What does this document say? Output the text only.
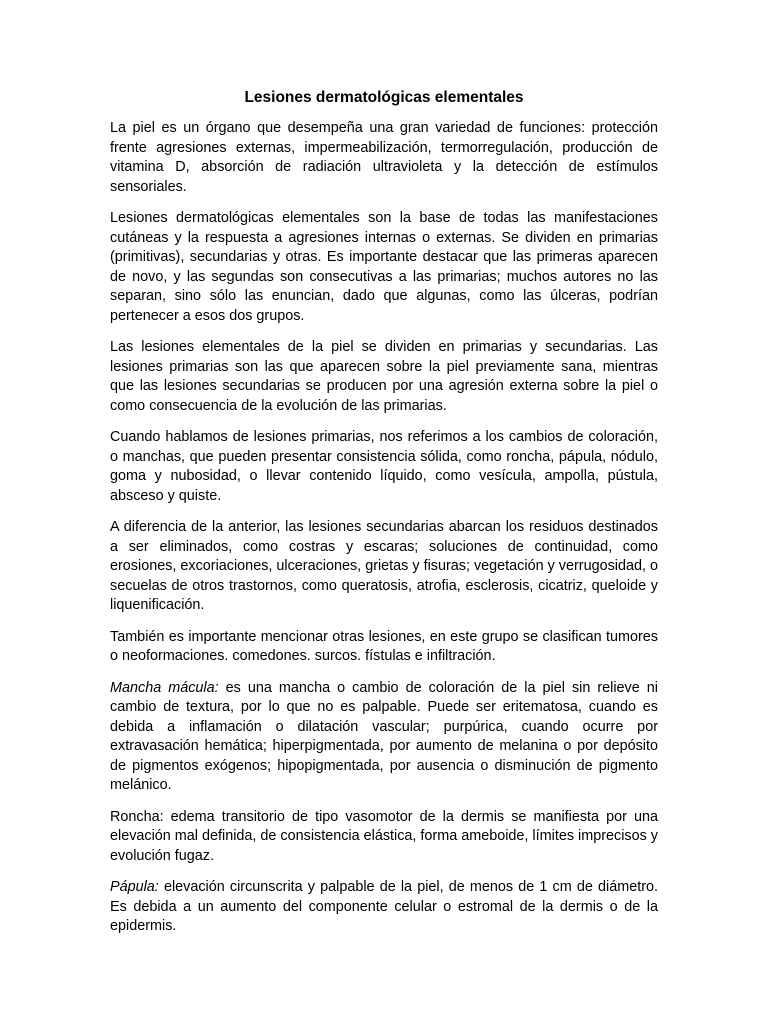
Lesiones dermatológicas elementales

La piel es un órgano que desempeña una gran variedad de funciones: protección frente agresiones externas, impermeabilización, termorregulación, producción de vitamina D, absorción de radiación ultravioleta y la detección de estímulos sensoriales.

Lesiones dermatológicas elementales son la base de todas las manifestaciones cutáneas y la respuesta a agresiones internas o externas. Se dividen en primarias (primitivas), secundarias y otras. Es importante destacar que las primeras aparecen de novo, y las segundas son consecutivas a las primarias; muchos autores no las separan, sino sólo las enuncian, dado que algunas, como las úlceras, podrían pertenecer a esos dos grupos.

Las lesiones elementales de la piel se dividen en primarias y secundarias. Las lesiones primarias son las que aparecen sobre la piel previamente sana, mientras que las lesiones secundarias se producen por una agresión externa sobre la piel o como consecuencia de la evolución de las primarias.

Cuando hablamos de lesiones primarias, nos referimos a los cambios de coloración, o manchas, que pueden presentar consistencia sólida, como roncha, pápula, nódulo, goma y nubosidad, o llevar contenido líquido, como vesícula, ampolla, pústula, absceso y quiste.

A diferencia de la anterior, las lesiones secundarias abarcan los residuos destinados a ser eliminados, como costras y escaras; soluciones de continuidad, como erosiones, excoriaciones, ulceraciones, grietas y fisuras; vegetación y verrugosidad, o secuelas de otros trastornos, como queratosis, atrofia, esclerosis, cicatriz, queloide y liquenificación.

También es importante mencionar otras lesiones, en este grupo se clasifican tumores o neoformaciones. comedones. surcos. fístulas e infiltración.

Mancha mácula: es una mancha o cambio de coloración de la piel sin relieve ni cambio de textura, por lo que no es palpable. Puede ser eritematosa, cuando es debida a inflamación o dilatación vascular; purpúrica, cuando ocurre por extravasación hemática; hiperpigmentada, por aumento de melanina o por depósito de pigmentos exógenos; hipopigmentada, por ausencia o disminución de pigmento melánico.

Roncha: edema transitorio de tipo vasomotor de la dermis se manifiesta por una elevación mal definida, de consistencia elástica, forma ameboide, límites imprecisos y evolución fugaz.

Pápula: elevación circunscrita y palpable de la piel, de menos de 1 cm de diámetro. Es debida a un aumento del componente celular o estromal de la dermis o de la epidermis.
